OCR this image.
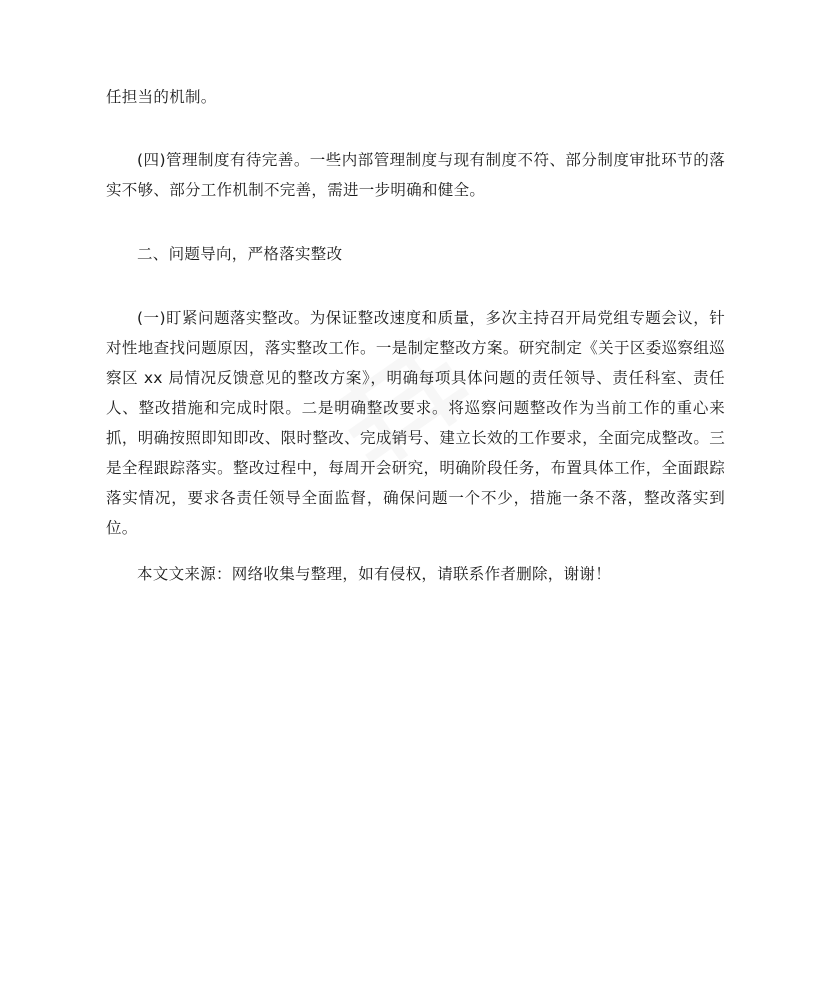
任担当的机制。

(四)管理制度有待完善。一些内部管理制度与现有制度不符、部分制度审批环节的落实不够、部分工作机制不完善，需进一步明确和健全。

二、问题导向，严格落实整改

(一)盯紧问题落实整改。为保证整改速度和质量，多次主持召开局党组专题会议，针对性地查找问题原因，落实整改工作。一是制定整改方案。研究制定《关于区委巡察组巡察区 xx 局情况反馈意见的整改方案》，明确每项具体问题的责任领导、责任科室、责任人、整改措施和完成时限。二是明确整改要求。将巡察问题整改作为当前工作的重心来抓，明确按照即知即改、限时整改、完成销号、建立长效的工作要求，全面完成整改。三是全程跟踪落实。整改过程中，每周开会研究，明确阶段任务，布置具体工作，全面跟踪落实情况，要求各责任领导全面监督，确保问题一个不少，措施一条不落，整改落实到位。

本文文来源：网络收集与整理，如有侵权，请联系作者删除，谢谢！
